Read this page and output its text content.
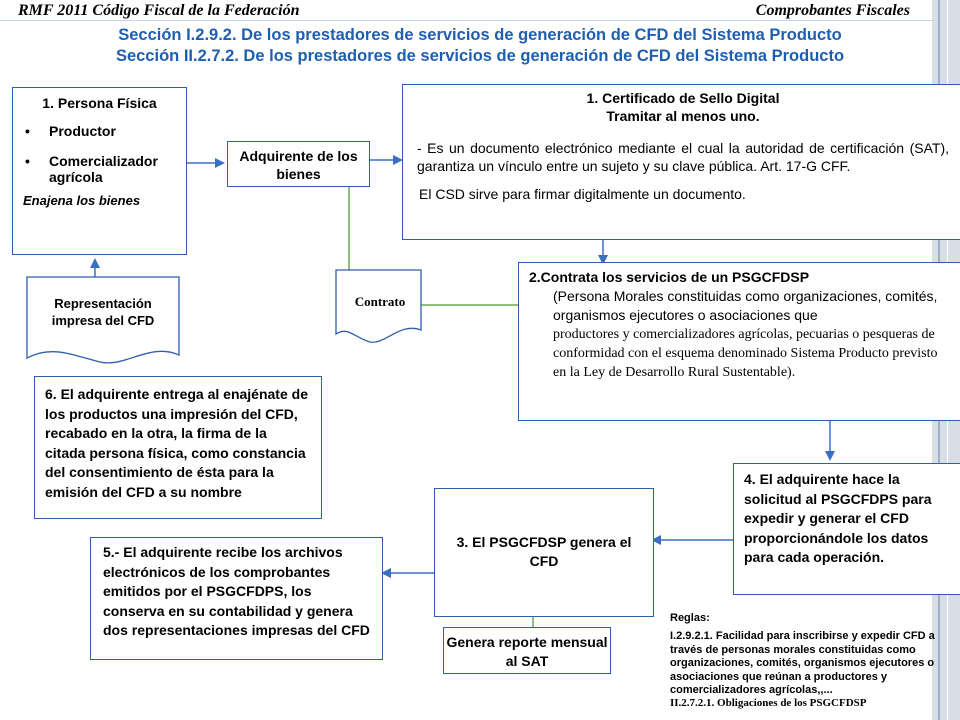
RMF 2011 Código Fiscal de la Federación	Comprobantes Fiscales
Sección I.2.9.2. De los prestadores de servicios de generación de CFD del Sistema Producto
Sección II.2.7.2. De los prestadores de servicios de generación de CFD del Sistema Producto
1. Persona Física
• Productor
• Comercializador agrícola
Enajena los bienes
Adquirente de los bienes
1. Certificado de Sello Digital
Tramitar al menos uno.
- Es un documento electrónico mediante el cual la autoridad de certificación (SAT), garantiza un vínculo entre un sujeto y su clave pública. Art. 17-G CFF.
El CSD sirve para firmar digitalmente un documento.
Representación impresa del CFD
Contrato
2.Contrata los servicios de un PSGCFDSP
(Persona Morales constituidas como organizaciones, comités, organismos ejecutores o asociaciones que
productores y comercializadores agrícolas, pecuarias o pesqueras de conformidad con el esquema denominado Sistema Producto previsto en la Ley de Desarrollo Rural Sustentable).
6. El adquirente entrega al enajénate de los productos una impresión del CFD, recabado en la otra, la firma de la citada persona física, como constancia del consentimiento de ésta para la emisión del CFD a su nombre
4. El adquirente hace la solicitud al PSGCFDPS para expedir y generar el CFD proporcionándole los datos para cada operación.
3. El PSGCFDSP genera el CFD
5.- El adquirente recibe los archivos electrónicos de los comprobantes emitidos por el PSGCFDPS, los conserva en su contabilidad y genera dos representaciones impresas del CFD
Genera reporte mensual al SAT
Reglas:
I.2.9.2.1. Facilidad para inscribirse y expedir CFD a través de personas morales constituidas como organizaciones, comités, organismos ejecutores o asociaciones que reúnan a productores y comercializadores agrícolas,,...
II.2.7.2.1. Obligaciones de los PSGCFDSP
